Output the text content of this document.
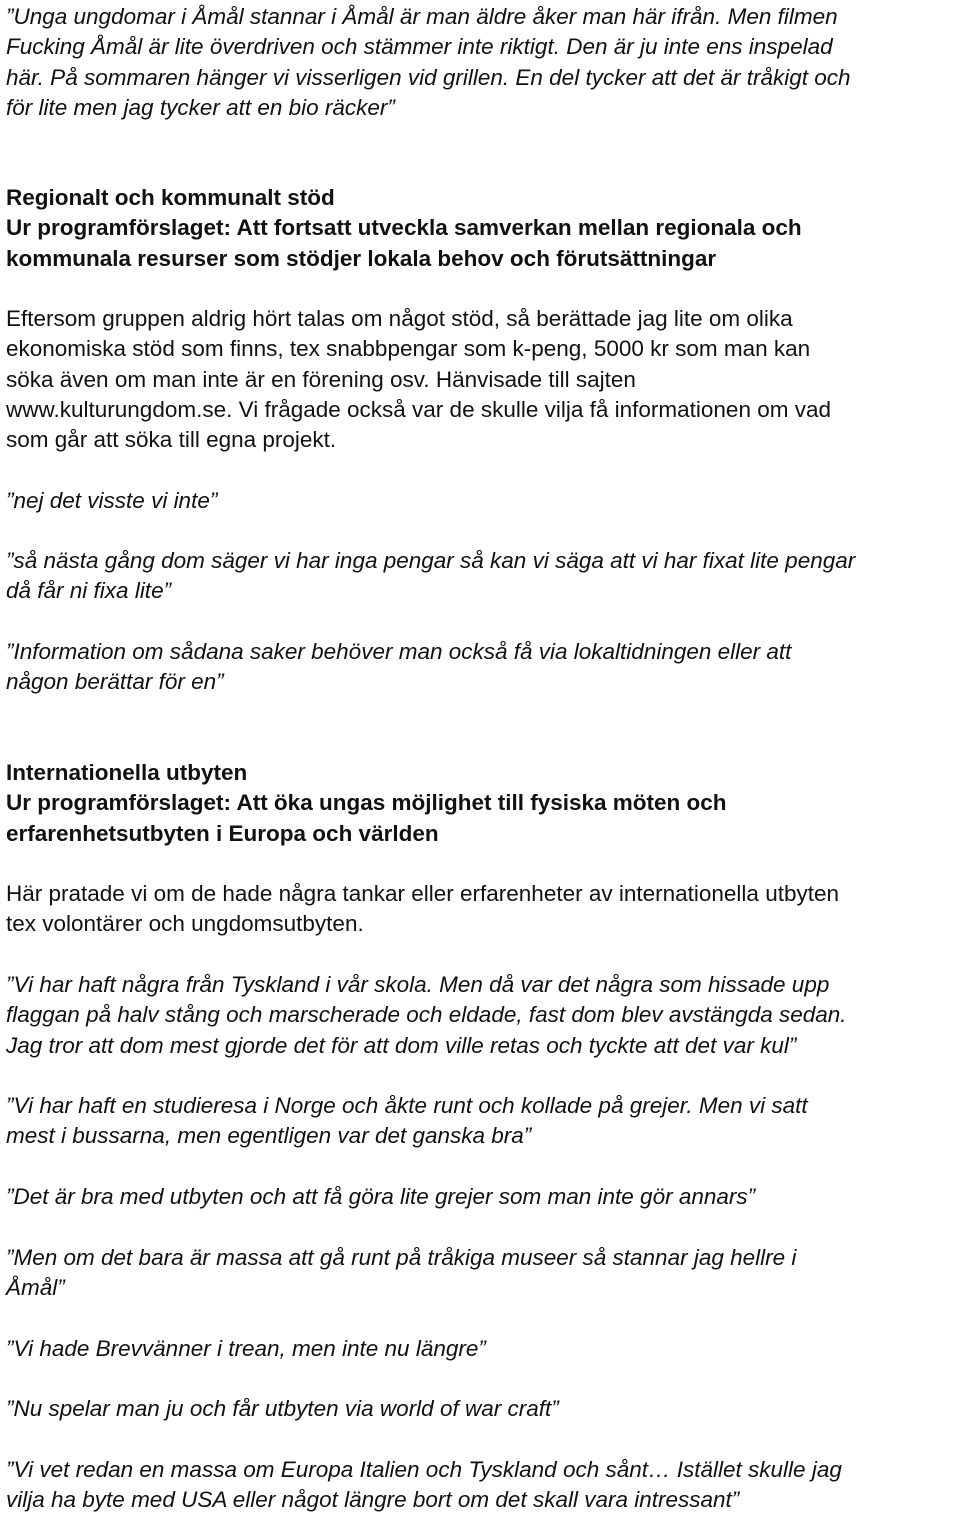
”Unga ungdomar i Åmål stannar i Åmål är man äldre åker man här ifrån. Men filmen
Fucking Åmål är lite överdriven och stämmer inte riktigt. Den är ju inte ens inspelad
här. På sommaren hänger vi visserligen vid grillen. En del tycker att det är tråkigt och
för lite men jag tycker att en bio räcker”

Regionalt och kommunalt stöd
Ur programförslaget: Att fortsatt utveckla samverkan mellan regionala och
kommunala resurser som stödjer lokala behov och förutsättningar

Eftersom gruppen aldrig hört talas om något stöd, så berättade jag lite om olika
ekonomiska stöd som finns, tex snabbpengar som k-peng, 5000 kr som man kan
söka även om man inte är en förening osv. Hänvisade till sajten
www.kulturungdom.se. Vi frågade också var de skulle vilja få informationen om vad
som går att söka till egna projekt.

”nej det visste vi inte”

”så nästa gång dom säger vi har inga pengar så kan vi säga att vi har fixat lite pengar
då får ni fixa lite”

”Information om sådana saker behöver man också få via lokaltidningen eller att
någon berättar för en”

Internationella utbyten
Ur programförslaget: Att öka ungas möjlighet till fysiska möten och
erfarenhetsutbyten i Europa och världen

Här pratade vi om de hade några tankar eller erfarenheter av internationella utbyten
tex volontärer och ungdomsutbyten.

”Vi har haft några från Tyskland i vår skola. Men då var det några som hissade upp
flaggan på halv stång och marscherade och eldade, fast dom blev avstängda sedan.
Jag tror att dom mest gjorde det för att dom ville retas och tyckte att det var kul”

”Vi har haft en studieresa i Norge och åkte runt och kollade på grejer. Men vi satt
mest i bussarna, men egentligen var det ganska bra”

”Det är bra med utbyten och att få göra lite grejer som man inte gör annars”

”Men om det bara är massa att gå runt på tråkiga museer så stannar jag hellre i
Åmål”

”Vi hade Brevvänner i trean, men inte nu längre”

”Nu spelar man ju och får utbyten via world of war craft”

”Vi vet redan en massa om Europa Italien och Tyskland och sånt… Istället skulle jag
vilja ha byte med USA eller något längre bort om det skall vara intressant”
